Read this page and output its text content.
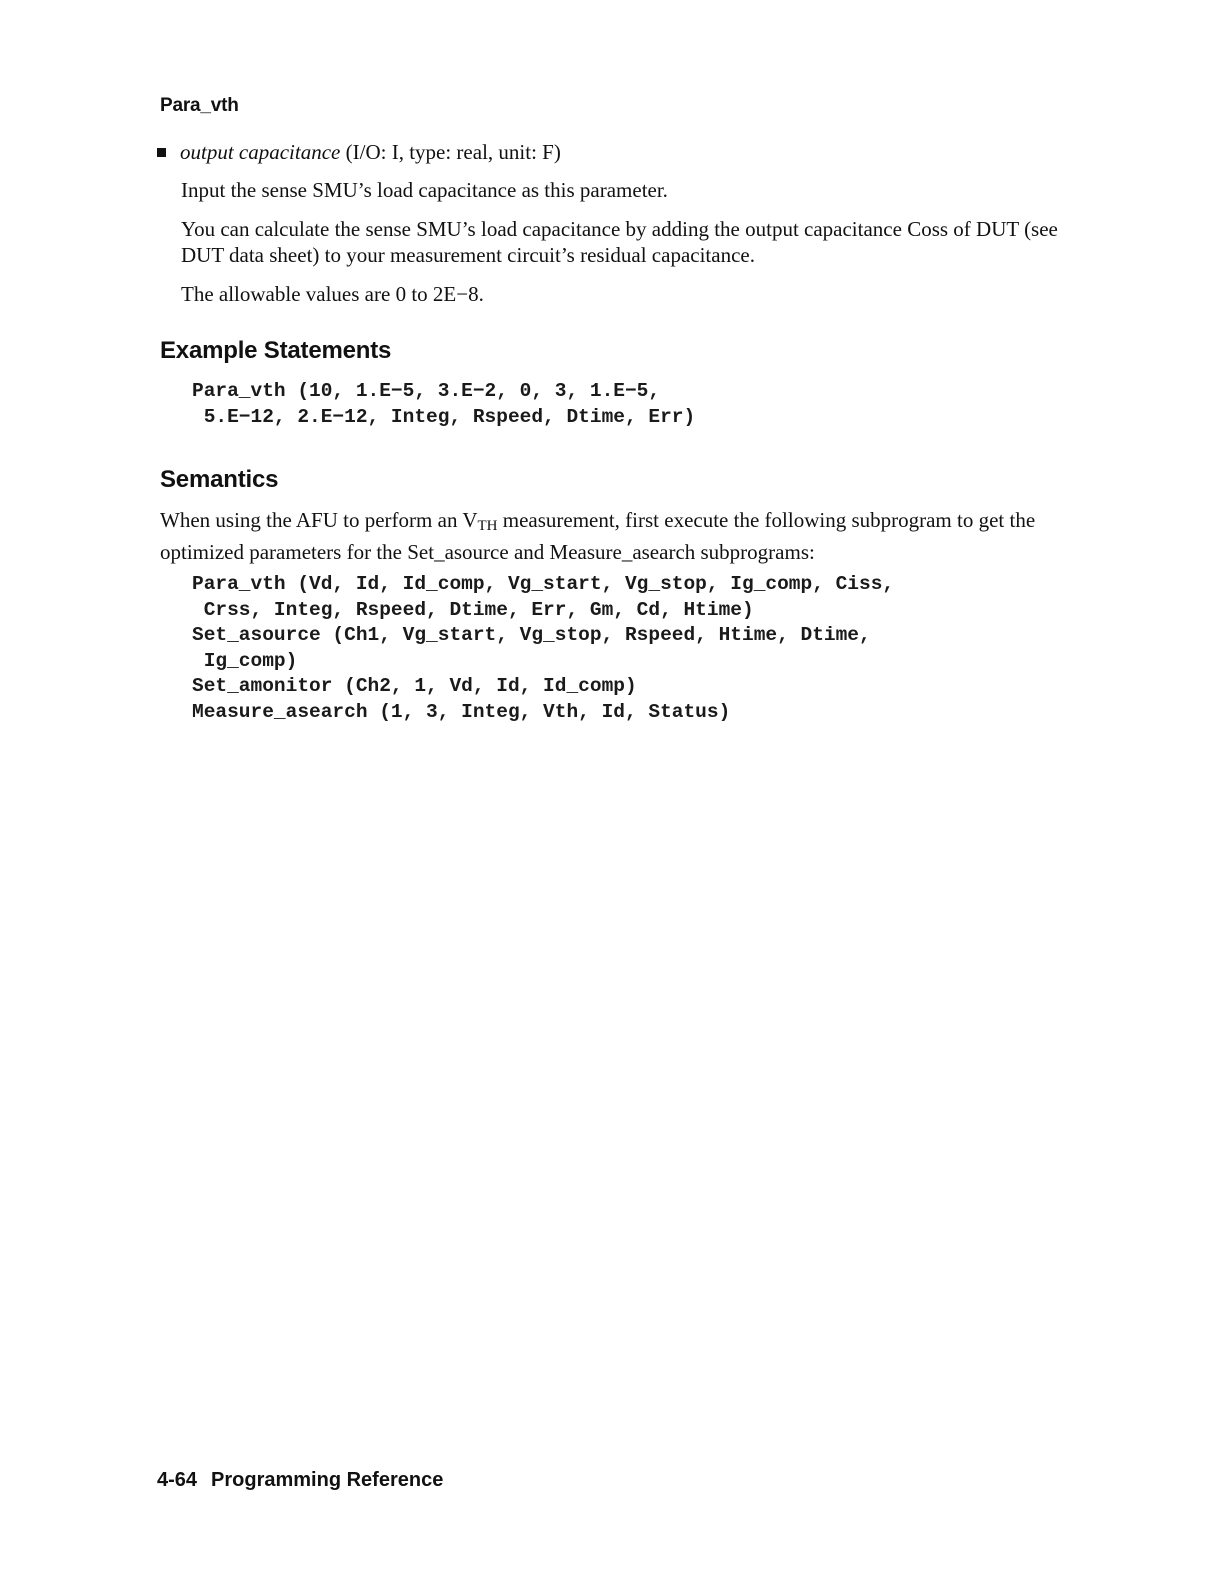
Para_vth
output capacitance (I/O: I, type: real, unit: F)

Input the sense SMU’s load capacitance as this parameter.

You can calculate the sense SMU’s load capacitance by adding the output capacitance Coss of DUT (see DUT data sheet) to your measurement circuit’s residual capacitance.

The allowable values are 0 to 2E−8.

Example Statements
Para_vth (10, 1.E−5, 3.E−2, 0, 3, 1.E−5,
5.E−12, 2.E−12, Integ, Rspeed, Dtime, Err)
Semantics
When using the AFU to perform an $V_{TH}$ measurement, first execute the following subprogram to get the optimized parameters for the Set_asource and Measure_asearch subprograms:
Para_vth (Vd, Id, Id_comp, Vg_start, Vg_stop, Ig_comp, Ciss,
Crss, Integ, Rspeed, Dtime, Err, Gm, Cd, Htime)
Set_asource (Ch1, Vg_start, Vg_stop, Rspeed, Htime, Dtime,
Ig_comp)
Set_amonitor (Ch2, 1, Vd, Id, Id_comp)
Measure_asearch (1, 3, Integ, Vth, Id, Status)
4-64 Programming Reference
